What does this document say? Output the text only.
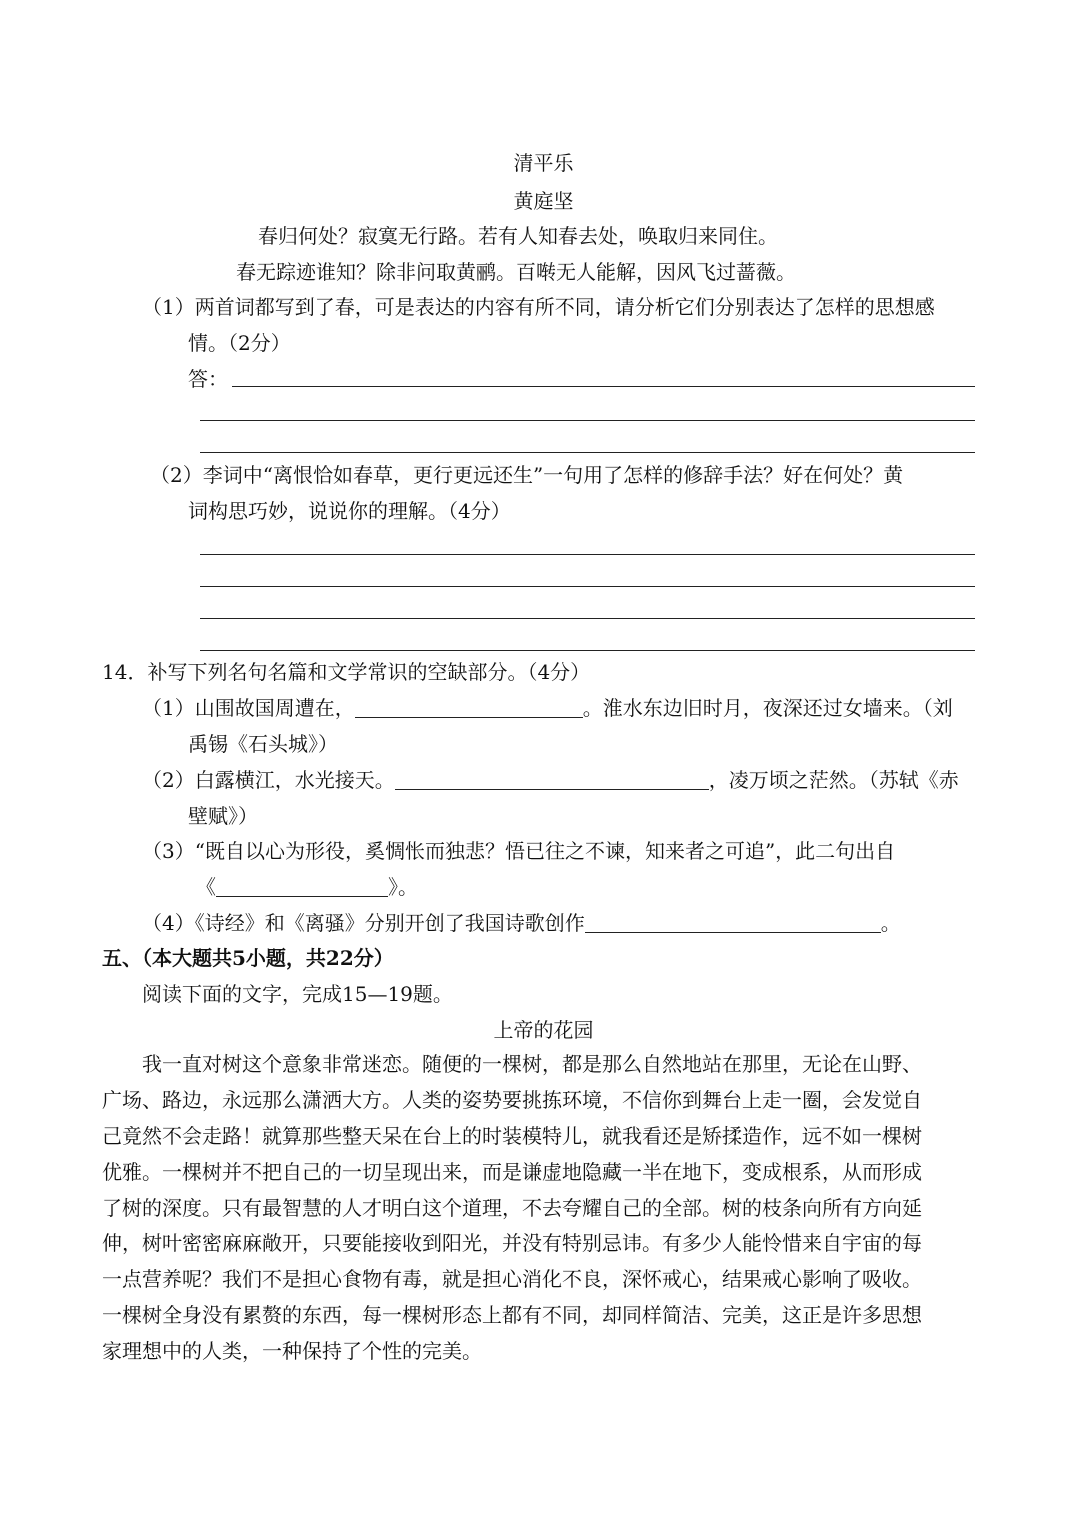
清平乐
黄庭坚
春归何处？寂寞无行路。若有人知春去处，唤取归来同住。
春无踪迹谁知？除非问取黄鹂。百啭无人能解，因风飞过蔷薇。
（1）两首词都写到了春，可是表达的内容有所不同，请分析它们分别表达了怎样的思想感
情。（2分）
答：
（2）李词中“离恨恰如春草，更行更远还生”一句用了怎样的修辞手法？好在何处？黄
词构思巧妙，说说你的理解。（4分）
14．补写下列名句名篇和文学常识的空缺部分。（4分）
（1）山围故国周遭在，	。淮水东边旧时月，夜深还过女墙来。（刘
禹锡《石头城》）
（2）白露横江，水光接天。	，凌万顷之茫然。（苏轼《赤
壁赋》）
（3）“既自以心为形役，奚惆怅而独悲？悟已往之不谏，知来者之可追”，此二句出自
《	》。
（4）《诗经》和《离骚》分别开创了我国诗歌创作	。
五、（本大题共5小题，共22分）
阅读下面的文字，完成15—19题。
上帝的花园
我一直对树这个意象非常迷恋。随便的一棵树，都是那么自然地站在那里，无论在山野、
广场、路边，永远那么潇洒大方。人类的姿势要挑拣环境，不信你到舞台上走一圈，会发觉自
己竟然不会走路！就算那些整天呆在台上的时装模特儿，就我看还是矫揉造作，远不如一棵树
优雅。一棵树并不把自己的一切呈现出来，而是谦虚地隐藏一半在地下，变成根系，从而形成
了树的深度。只有最智慧的人才明白这个道理，不去夸耀自己的全部。树的枝条向所有方向延
伸，树叶密密麻麻敞开，只要能接收到阳光，并没有特别忌讳。有多少人能怜惜来自宇宙的每
一点营养呢？我们不是担心食物有毒，就是担心消化不良，深怀戒心，结果戒心影响了吸收。
一棵树全身没有累赘的东西，每一棵树形态上都有不同，却同样简洁、完美，这正是许多思想
家理想中的人类，一种保持了个性的完美。
